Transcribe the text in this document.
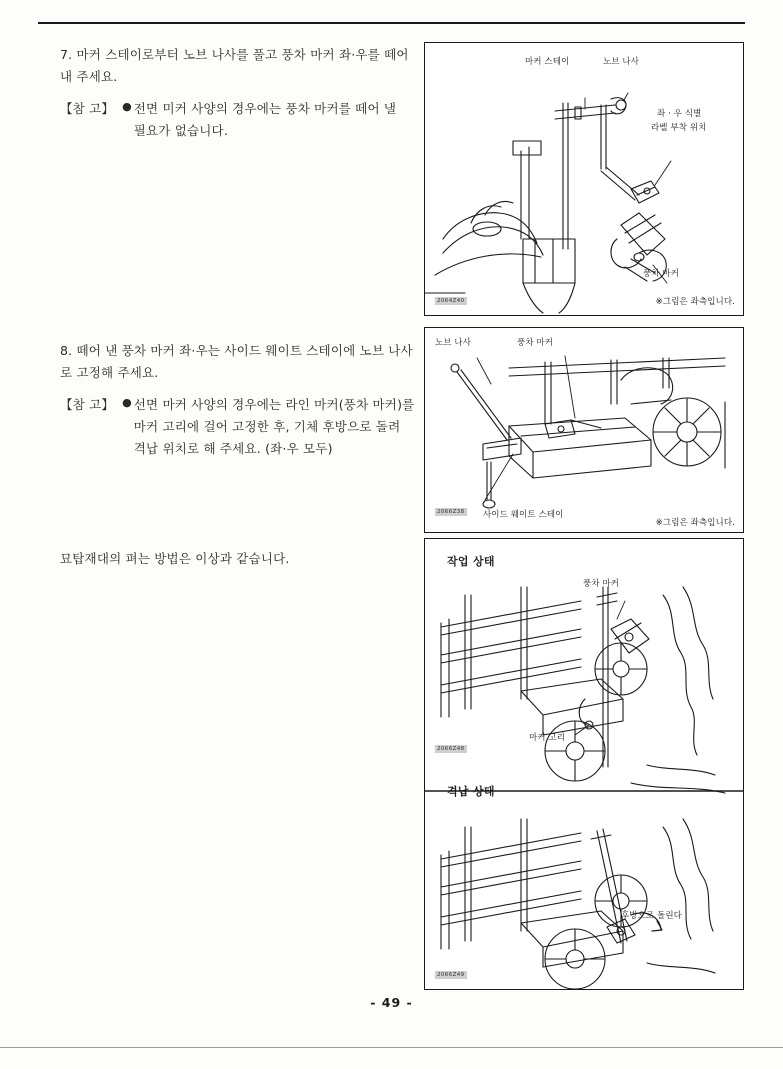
7. 마커 스테이로부터 노브 나사를 풀고 풍차 마커 좌·우를 떼어 내 주세요.
【참 고】 ● 전면 미커 사양의 경우에는 풍차 마커를 떼어 낼 필요가 없습니다.
8. 떼어 낸 풍차 마커 좌·우는 사이드 웨이트 스테이에 노브 나사로 고정해 주세요.
【참 고】 ● 선면 마커 사양의 경우에는 라인 마커(풍차 마커)를 마커 고리에 걸어 고정한 후, 기체 후방으로 돌려 격납 위치로 해 주세요. (좌·우 모두)
묘탑재대의 펴는 방법은 이상과 같습니다.
마커 스테이	노브 나사
좌 · 우 식별
라벨 부착 위치
풍차 마커
※그림은 좌측입니다.
2064Z40
노브 나사	풍차 마커
사이드 웨이트 스테이
※그림은 좌측입니다.
2066Z38
작업 상태
풍차 마커
마커 고리
2066Z48
격납 상태
후방으로 돌린다
2066Z49
- 49 -
